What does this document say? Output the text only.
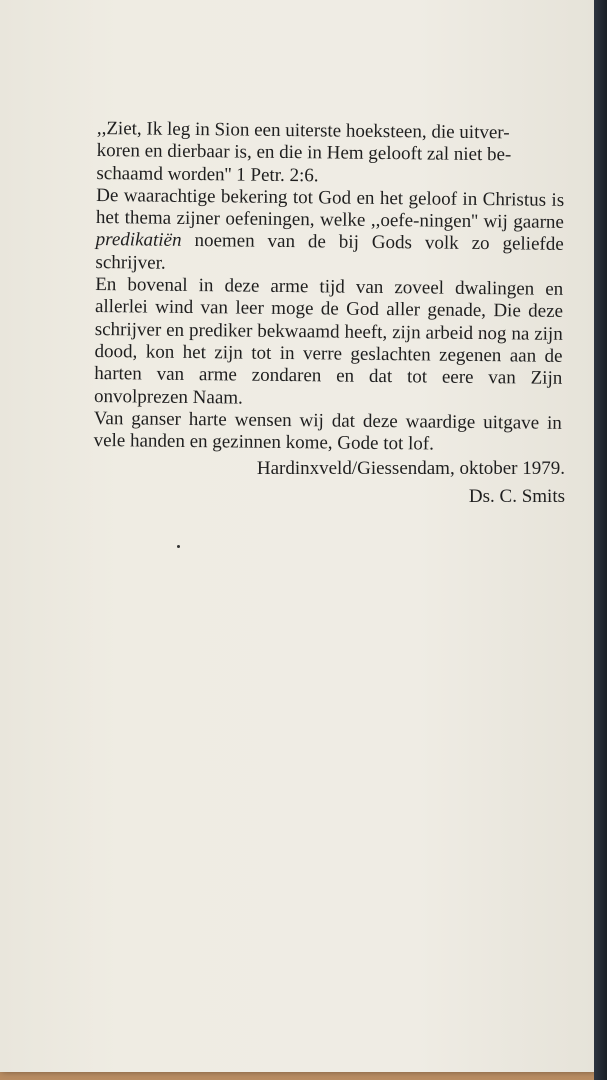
,,Ziet, Ik leg in Sion een uiterste hoeksteen, die uitver-
koren en dierbaar is, en die in Hem gelooft zal niet be-
schaamd worden'' 1 Petr. 2:6.

De waarachtige bekering tot God en het geloof in Christus is het thema zijner oefeningen, welke ,,oefe-ningen'' wij gaarne predikatiën noemen van de bij Gods volk zo geliefde schrijver.

En bovenal in deze arme tijd van zoveel dwalingen en allerlei wind van leer moge de God aller genade, Die deze schrijver en prediker bekwaamd heeft, zijn arbeid nog na zijn dood, kon het zijn tot in verre geslachten zegenen aan de harten van arme zondaren en dat tot eere van Zijn onvolprezen Naam.

Van ganser harte wensen wij dat deze waardige uitgave in vele handen en gezinnen kome, Gode tot lof.

Hardinxveld/Giessendam, oktober 1979.
Ds. C. Smits

​
